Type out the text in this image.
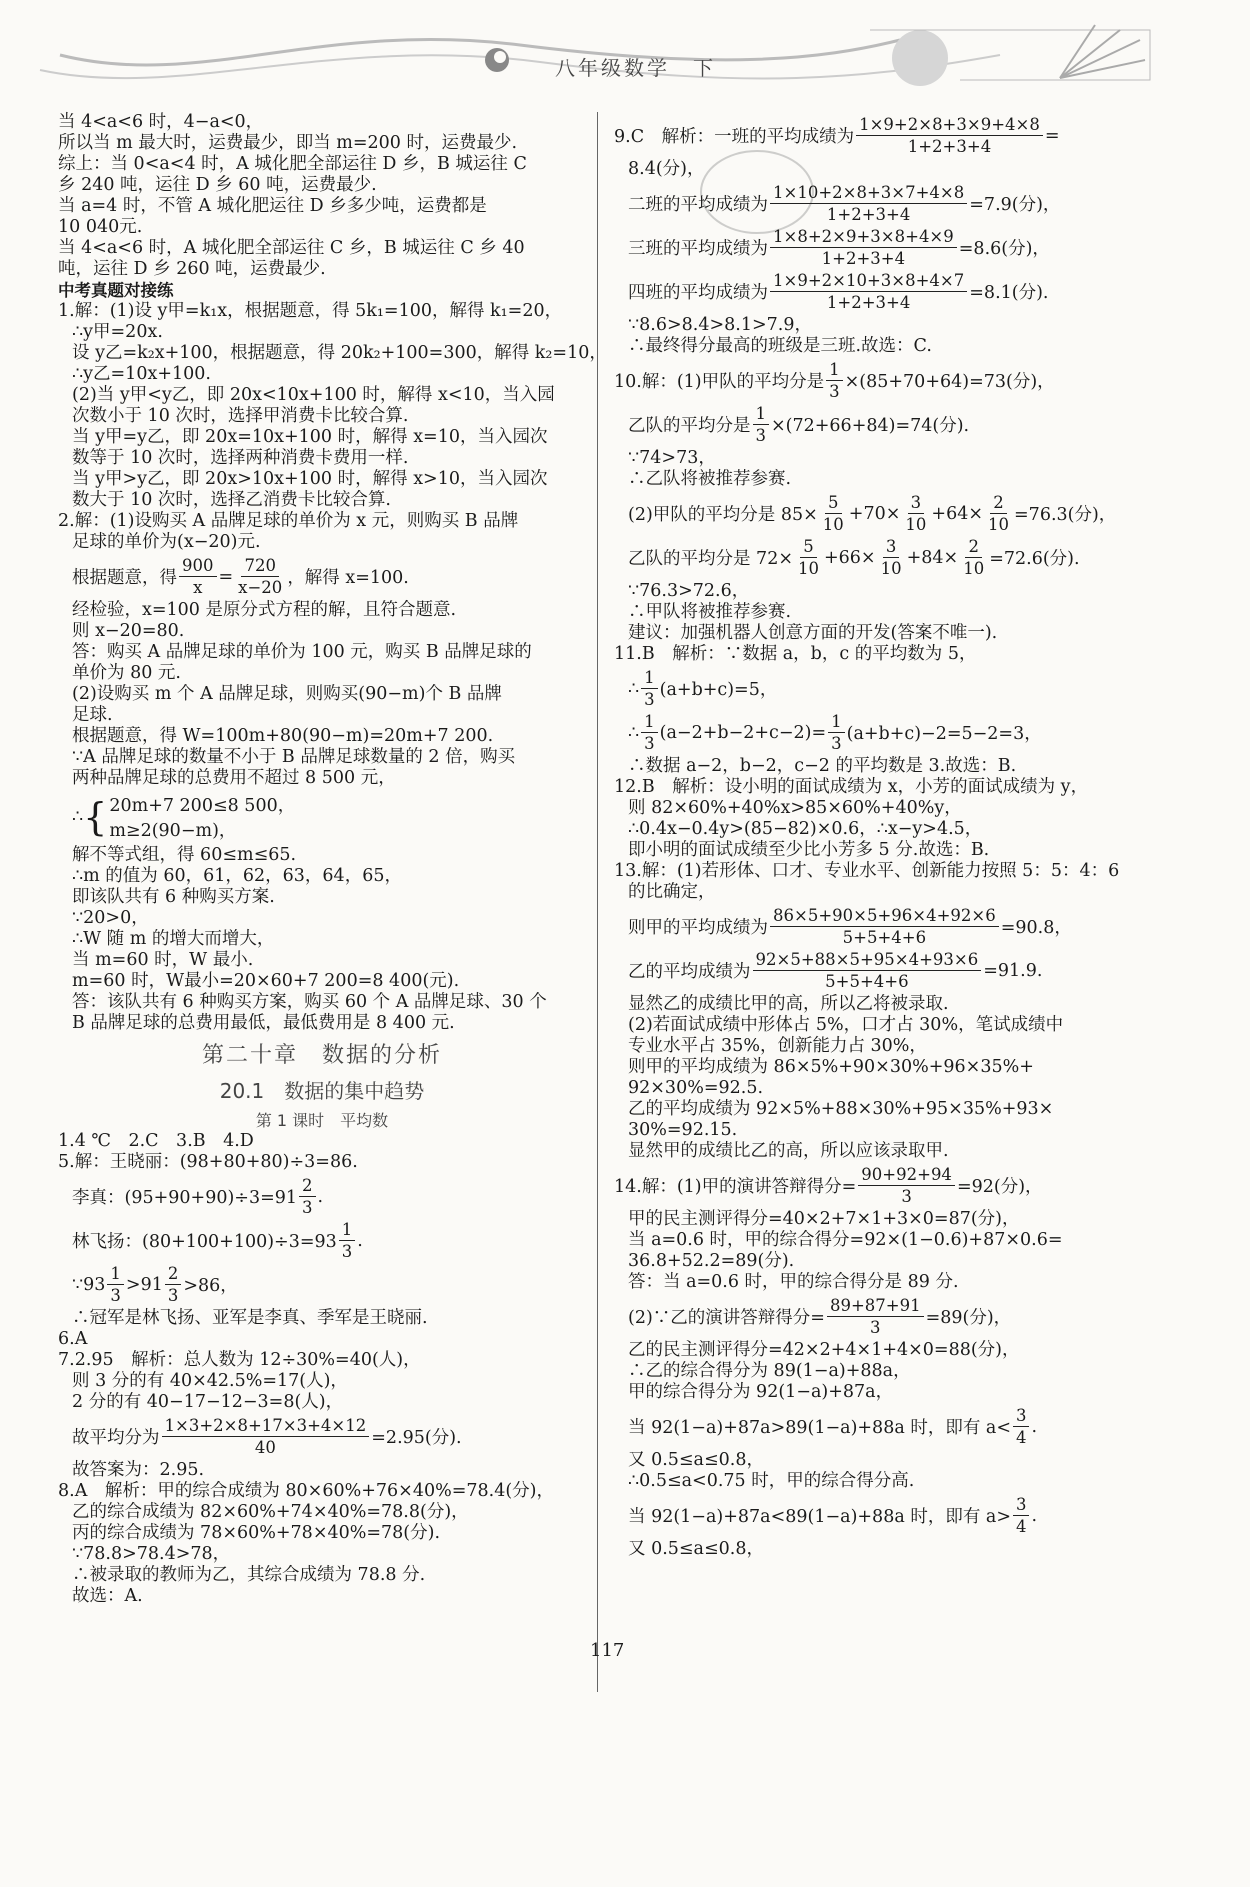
八年级数学　下
当 4<a<6 时，4−a<0，
所以当 m 最大时，运费最少，即当 m=200 时，运费最少.
综上：当 0<a<4 时，A 城化肥全部运往 D 乡，B 城运往 C
乡 240 吨，运往 D 乡 60 吨，运费最少.
当 a=4 时，不管 A 城化肥运往 D 乡多少吨，运费都是
10 040元.
当 4<a<6 时，A 城化肥全部运往 C 乡，B 城运往 C 乡 40
吨，运往 D 乡 260 吨，运费最少.
中考真题对接练
1.解：(1)设 y甲=k₁x，根据题意，得 5k₁=100，解得 k₁=20，
∴y甲=20x.
设 y乙=k₂x+100，根据题意，得 20k₂+100=300，解得 k₂=10，
∴y乙=10x+100.
(2)当 y甲<y乙，即 20x<10x+100 时，解得 x<10，当入园
次数小于 10 次时，选择甲消费卡比较合算.
当 y甲=y乙，即 20x=10x+100 时，解得 x=10，当入园次
数等于 10 次时，选择两种消费卡费用一样.
当 y甲>y乙，即 20x>10x+100 时，解得 x>10，当入园次
数大于 10 次时，选择乙消费卡比较合算.
2.解：(1)设购买 A 品牌足球的单价为 x 元，则购买 B 品牌
足球的单价为(x−20)元.
根据题意，得 $\frac{900}{x} = \frac{720}{x-20}$ ，解得 x=100.
经检验，x=100 是原分式方程的解，且符合题意.
则 x−20=80.
答：购买 A 品牌足球的单价为 100 元，购买 B 品牌足球的
单价为 80 元.
(2)设购买 m 个 A 品牌足球，则购买(90−m)个 B 品牌
足球.
根据题意，得 W=100m+80(90−m)=20m+7 200.
∵A 品牌足球的数量不小于 B 品牌足球数量的 2 倍，购买
两种品牌足球的总费用不超过 8 500 元，
∴ { 20m+7 200≤8 500，
m≥2(90−m)，
解不等式组，得 60≤m≤65.
∴m 的值为 60，61，62，63，64，65，
即该队共有 6 种购买方案.
∵20>0，
∴W 随 m 的增大而增大，
当 m=60 时，W 最小.
m=60 时，W最小=20×60+7 200=8 400(元).
答：该队共有 6 种购买方案，购买 60 个 A 品牌足球、30 个
B 品牌足球的总费用最低，最低费用是 8 400 元.
第二十章　数据的分析
20.1　数据的集中趋势
第 1 课时　平均数
1.4 ℃　2.C　3.B　4.D
5.解：王晓丽：(98+80+80)÷3=86.
李真：$(95+90+90)\div 3=91 \frac{2}{3}$ .
林飞扬：$(80+100+100)\div 3=93 \frac{1}{3}$ .
∵93 $\frac{1}{3} >91 \frac{2}{3} >86$，
∴冠军是林飞扬、亚军是李真、季军是王晓丽.
6.A
7.2.95　解析：总人数为 12÷30%=40(人)，
则 3 分的有 40×42.5%=17(人)，
2 分的有 40−17−12−3=8(人)，
故平均分为 $\frac{1\times 3+2\times 8+17\times 3+4\times 12}{40} =2.95$(分).
故答案为：2.95.
8.A　解析：甲的综合成绩为 80×60%+76×40%=78.4(分)，
乙的综合成绩为 82×60%+74×40%=78.8(分)，
丙的综合成绩为 78×60%+78×40%=78(分).
∵78.8>78.4>78，
∴被录取的教师为乙，其综合成绩为 78.8 分.
故选：A.
9.C　解析：一班的平均成绩为 $\frac{1\times 9+2\times 8+3\times 9+4\times 8}{1+2+3+4}$ =
8.4(分)，
二班的平均成绩为 $\frac{1\times 10+2\times 8+3\times 7+4\times 8}{1+2+3+4} =7.9$(分)，
三班的平均成绩为 $\frac{1\times 8+2\times 9+3\times 8+4\times 9}{1+2+3+4} =8.6$(分)，
四班的平均成绩为 $\frac{1\times 9+2\times 10+3\times 8+4\times 7}{1+2+3+4} =8.1$(分).
∵8.6>8.4>8.1>7.9，
∴最终得分最高的班级是三班.故选：C.
10.解：(1)甲队的平均分是 $\frac{1}{3} \times(85+70+64)=73$(分)，
乙队的平均分是 $\frac{1}{3} \times(72+66+84)=74$(分).
∵74>73，
∴乙队将被推荐参赛.
(2)甲队的平均分是 $85\times \frac{5}{10} +70\times \frac{3}{10} +64\times \frac{2}{10} =76.3$(分)，
乙队的平均分是 $72\times \frac{5}{10} +66\times \frac{3}{10} +84\times \frac{2}{10} =72.6$(分).
∵76.3>72.6，
∴甲队将被推荐参赛.
建议：加强机器人创意方面的开发(答案不唯一).
11.B　解析：∵数据 a，b，c 的平均数为 5，
∴ $\frac{1}{3} (a+b+c)=5$，
∴ $\frac{1}{3} (a-2+b-2+c-2)= \frac{1}{3} (a+b+c)-2=5-2=3$，
∴数据 a−2，b−2，c−2 的平均数是 3.故选：B.
12.B　解析：设小明的面试成绩为 x，小芳的面试成绩为 y，
则 82×60%+40%x>85×60%+40%y，
∴0.4x−0.4y>(85−82)×0.6，∴x−y>4.5，
即小明的面试成绩至少比小芳多 5 分.故选：B.
13.解：(1)若形体、口才、专业水平、创新能力按照 5：5：4：6
的比确定，
则甲的平均成绩为 $\frac{86\times 5+90\times 5+96\times 4+92\times 6}{5+5+4+6} =90.8$，
乙的平均成绩为 $\frac{92\times 5+88\times 5+95\times 4+93\times 6}{5+5+4+6} =91.9$.
显然乙的成绩比甲的高，所以乙将被录取.
(2)若面试成绩中形体占 5%，口才占 30%，笔试成绩中
专业水平占 35%，创新能力占 30%，
则甲的平均成绩为 86×5%+90×30%+96×35%+
92×30%=92.5.
乙的平均成绩为 92×5%+88×30%+95×35%+93×
30%=92.15.
显然甲的成绩比乙的高，所以应该录取甲.
14.解：(1)甲的演讲答辩得分= $\frac{90+92+94}{3} =92$(分)，
甲的民主测评得分=40×2+7×1+3×0=87(分)，
当 a=0.6 时，甲的综合得分=92×(1−0.6)+87×0.6=
36.8+52.2=89(分).
答：当 a=0.6 时，甲的综合得分是 89 分.
(2)∵乙的演讲答辩得分= $\frac{89+87+91}{3} =89$(分)，
乙的民主测评得分=42×2+4×1+4×0=88(分)，
∴乙的综合得分为 89(1−a)+88a，
甲的综合得分为 92(1−a)+87a，
当 92(1−a)+87a>89(1−a)+88a 时，即有 $a< \frac{3}{4}$ .
又 0.5≤a≤0.8，
∴0.5≤a<0.75 时，甲的综合得分高.
当 92(1−a)+87a<89(1−a)+88a 时，即有 $a> \frac{3}{4}$ .
又 0.5≤a≤0.8，
117
